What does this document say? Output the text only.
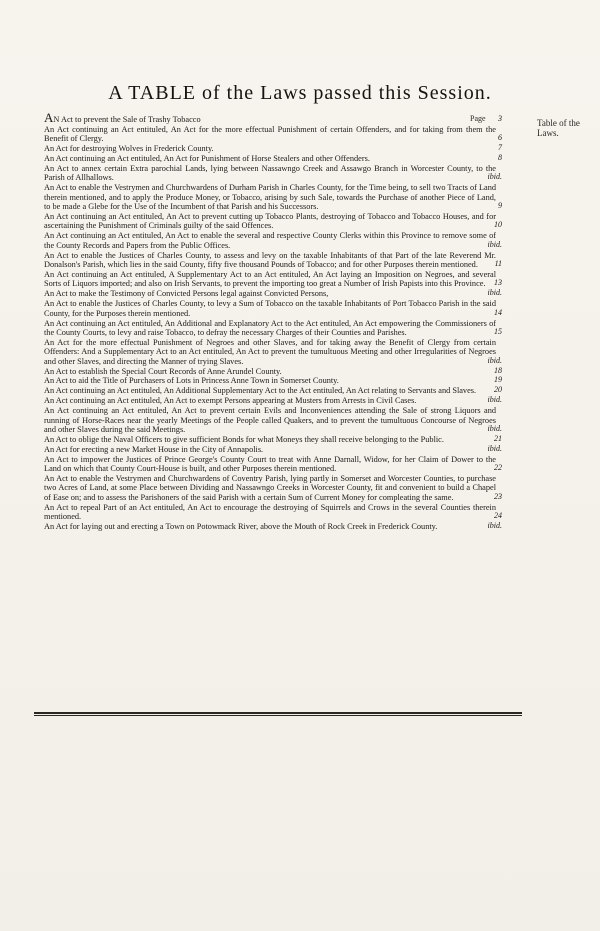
A TABLE of the Laws passed this Session.
Table of the Laws.
Page
AN Act to prevent the Sale of Trashy Tobacco	3
An Act continuing an Act entituled, An Act for the more effectual Punishment of certain Offenders, and for taking from them the Benefit of Clergy.	6
An Act for destroying Wolves in Frederick County.	7
An Act continuing an Act entituled, An Act for Punishment of Horse Stealers and other Offenders.	8
An Act to annex certain Extra parochial Lands, lying between Nassawngo Creek and Assawgo Branch in Worcester County, to the Parish of Allhallows.	ibid.
An Act to enable the Vestrymen and Churchwardens of Durham Parish in Charles County, for the Time being, to sell two Tracts of Land therein mentioned, and to apply the Produce Money, or Tobacco, arising by such Sale, towards the Purchase of another Piece of Land, to be made a Glebe for the Use of the Incumbent of that Parish and his Successors.	9
An Act continuing an Act entituled, An Act to prevent cutting up Tobacco Plants, destroying of Tobacco and Tobacco Houses, and for ascertaining the Punishment of Criminals guilty of the said Offences.	10
An Act continuing an Act entituled, An Act to enable the several and respective County Clerks within this Province to remove some of the County Records and Papers from the Public Offices.	ibid.
An Act to enable the Justices of Charles County, to assess and levy on the taxable Inhabitants of that Part of the late Reverend Mr. Donalson's Parish, which lies in the said County, fifty five thousand Pounds of Tobacco; and for other Purposes therein mentioned.	11
An Act continuing an Act entituled, A Supplementary Act to an Act entituled, An Act laying an Imposition on Negroes, and several Sorts of Liquors imported; and also on Irish Servants, to prevent the importing too great a Number of Irish Papists into this Province.	13
An Act to make the Testimony of Convicted Persons legal against Convicted Persons,	ibid.
An Act to enable the Justices of Charles County, to levy a Sum of Tobacco on the taxable Inhabitants of Port Tobacco Parish in the said County, for the Purposes therein mentioned.	14
An Act continuing an Act entituled, An Additional and Explanatory Act to the Act entituled, An Act empowering the Commissioners of the County Courts, to levy and raise Tobacco, to defray the necessary Charges of their Counties and Parishes.	15
An Act for the more effectual Punishment of Negroes and other Slaves, and for taking away the Benefit of Clergy from certain Offenders: And a Supplementary Act to an Act entituled, An Act to prevent the tumultuous Meeting and other Irregularities of Negroes and other Slaves, and directing the Manner of trying Slaves.	ibid.
An Act to establish the Special Court Records of Anne Arundel County.	18
An Act to aid the Title of Purchasers of Lots in Princess Anne Town in Somerset County.	19
An Act continuing an Act entituled, An Additional Supplementary Act to the Act entituled, An Act relating to Servants and Slaves.	20
An Act continuing an Act entituled, An Act to exempt Persons appearing at Musters from Arrests in Civil Cases.	ibid.
An Act continuing an Act entituled, An Act to prevent certain Evils and Inconveniences attending the Sale of strong Liquors and running of Horse-Races near the yearly Meetings of the People called Quakers, and to prevent the tumultuous Concourse of Negroes and other Slaves during the said Meetings.	ibid.
An Act to oblige the Naval Officers to give sufficient Bonds for what Moneys they shall receive belonging to the Public.	21
An Act for erecting a new Market House in the City of Annapolis.	ibid.
An Act to impower the Justices of Prince George's County Court to treat with Anne Darnall, Widow, for her Claim of Dower to the Land on which that County Court-House is built, and other Purposes therein mentioned.	22
An Act to enable the Vestrymen and Churchwardens of Coventry Parish, lying partly in Somerset and Worcester Counties, to purchase two Acres of Land, at some Place between Dividing and Nassawngo Creeks in Worcester County, fit and convenient to build a Chapel of Ease on; and to assess the Parishoners of the said Parish with a certain Sum of Current Money for compleating the same.	23
An Act to repeal Part of an Act entituled, An Act to encourage the destroying of Squirrels and Crows in the several Counties therein mentioned.	24
An Act for laying out and erecting a Town on Potowmack River, above the Mouth of Rock Creek in Frederick County.	ibid.
